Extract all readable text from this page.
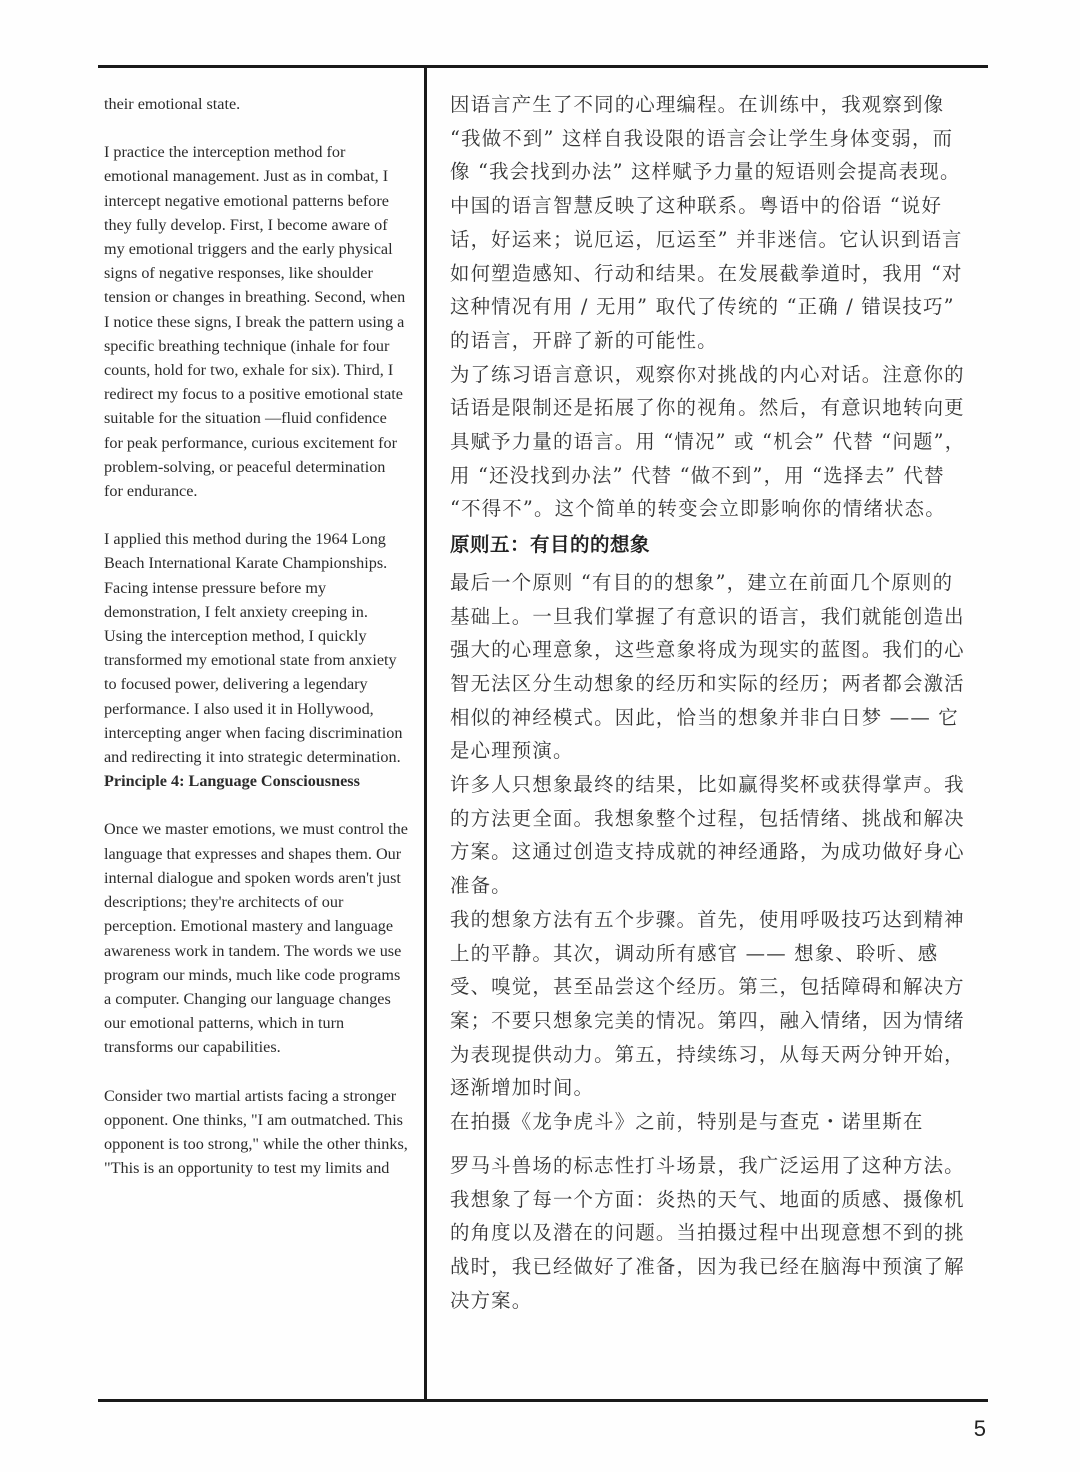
their emotional state.

I practice the interception method for emotional management. Just as in combat, I intercept negative emotional patterns before they fully develop. First, I become aware of my emotional triggers and the early physical signs of negative responses, like shoulder tension or changes in breathing. Second, when I notice these signs, I break the pattern using a specific breathing technique (inhale for four counts, hold for two, exhale for six). Third, I redirect my focus to a positive emotional state suitable for the situation —fluid confidence for peak performance, curious excitement for problem-solving, or peaceful determination for endurance.

I applied this method during the 1964 Long Beach International Karate Championships. Facing intense pressure before my demonstration, I felt anxiety creeping in. Using the interception method, I quickly transformed my emotional state from anxiety to focused power, delivering a legendary performance. I also used it in Hollywood, intercepting anger when facing discrimination and redirecting it into strategic determination.

Principle 4: Language Consciousness

Once we master emotions, we must control the language that expresses and shapes them. Our internal dialogue and spoken words aren't just descriptions; they're architects of our perception. Emotional mastery and language awareness work in tandem. The words we use program our minds, much like code programs a computer. Changing our language changes our emotional patterns, which in turn transforms our capabilities.

Consider two martial artists facing a stronger opponent. One thinks, "I am outmatched. This opponent is too strong," while the other thinks, "This is an opportunity to test my limits and

因语言产生了不同的心理编程。在训练中，我观察到像 “我做不到” 这样自我设限的语言会让学生身体变弱，而像 “我会找到办法” 这样赋予力量的短语则会提高表现。

中国的语言智慧反映了这种联系。粤语中的俗语 “说好话，好运来；说厄运，厄运至” 并非迷信。它认识到语言如何塑造感知、行动和结果。在发展截拳道时，我用 “对这种情况有用 / 无用” 取代了传统的 “正确 / 错误技巧” 的语言，开辟了新的可能性。

为了练习语言意识，观察你对挑战的内心对话。注意你的话语是限制还是拓展了你的视角。然后，有意识地转向更具赋予力量的语言。用 “情况” 或 “机会” 代替 “问题”，用 “还没找到办法” 代替 “做不到”，用 “选择去” 代替 “不得不”。这个简单的转变会立即影响你的情绪状态。

原则五：有目的的想象

最后一个原则 “有目的的想象”，建立在前面几个原则的基础上。一旦我们掌握了有意识的语言，我们就能创造出强大的心理意象，这些意象将成为现实的蓝图。我们的心智无法区分生动想象的经历和实际的经历；两者都会激活相似的神经模式。因此，恰当的想象并非白日梦 —— 它是心理预演。

许多人只想象最终的结果，比如赢得奖杯或获得掌声。我的方法更全面。我想象整个过程，包括情绪、挑战和解决方案。这通过创造支持成就的神经通路，为成功做好身心准备。

我的想象方法有五个步骤。首先，使用呼吸技巧达到精神上的平静。其次，调动所有感官 —— 想象、聆听、感受、嗅觉，甚至品尝这个经历。第三，包括障碍和解决方案；不要只想象完美的情况。第四，融入情绪，因为情绪为表现提供动力。第五，持续练习，从每天两分钟开始，逐渐增加时间。

在拍摄《龙争虎斗》之前，特别是与查克・诺里斯在

罗马斗兽场的标志性打斗场景，我广泛运用了这种方法。我想象了每一个方面：炎热的天气、地面的质感、摄像机的角度以及潜在的问题。当拍摄过程中出现意想不到的挑战时，我已经做好了准备，因为我已经在脑海中预演了解决方案。

5
